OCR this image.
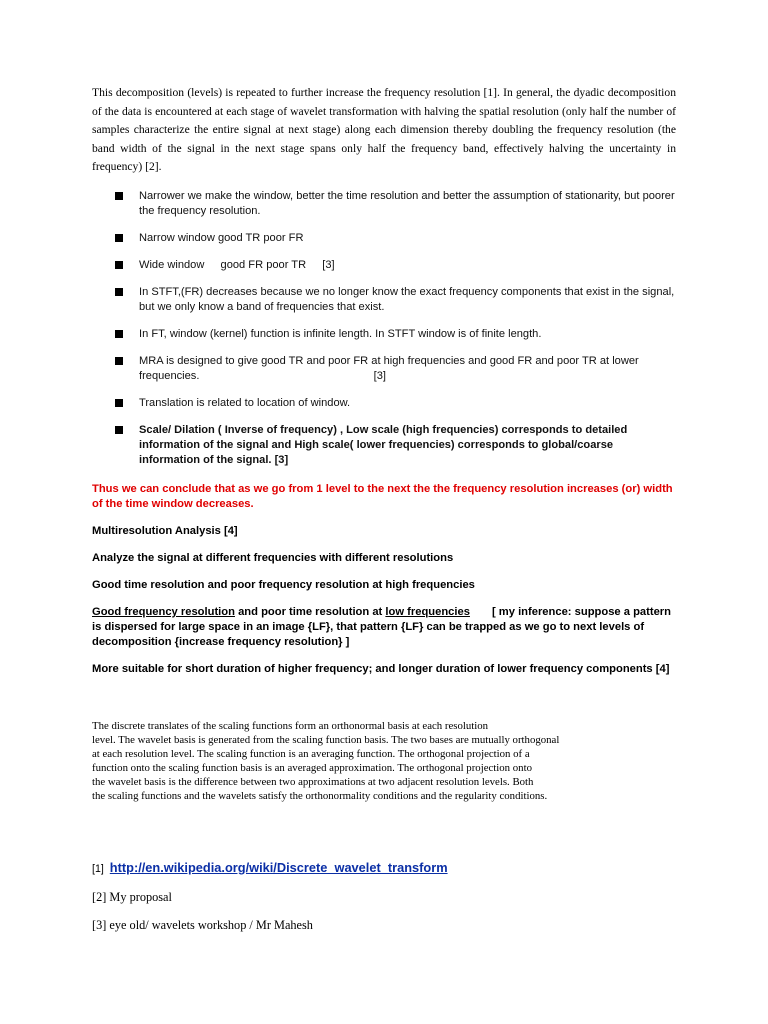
This decomposition (levels) is repeated to further increase the frequency resolution [1]. In general, the dyadic decomposition of the data is encountered at each stage of wavelet transformation with halving the spatial resolution (only half the number of samples characterize the entire signal at next stage) along each dimension thereby doubling the frequency resolution (the band width of the signal in the next stage spans only half the frequency band, effectively halving the uncertainty in frequency) [2].

Narrower we make the window, better the time resolution and better the assumption of stationarity, but poorer the frequency resolution.
Narrow window good TR poor FR
Wide window good FR poor TR [3]
In STFT,(FR) decreases because we no longer know the exact frequency components that exist in the signal, but we only know a band of frequencies that exist.
In FT, window (kernel) function is infinite length. In STFT window is of finite length.
MRA is designed to give good TR and poor FR at high frequencies and good FR and poor TR at lower frequencies.	[3]
Translation is related to location of window.
Scale/ Dilation ( Inverse of frequency) , Low scale (high frequencies) corresponds to detailed information of the signal and High scale( lower frequencies) corresponds to global/coarse information of the signal. [3]

Thus we can conclude that as we go from 1 level to the next the the frequency resolution increases (or) width of the time window decreases.

Multiresolution Analysis [4]

Analyze the signal at different frequencies with different resolutions

Good time resolution and poor frequency resolution at high frequencies

Good frequency resolution and poor time resolution at low frequencies [ my inference: suppose a pattern is dispersed for large space in an image {LF}, that pattern {LF} can be trapped as we go to next levels of decomposition {increase frequency resolution} ]

More suitable for short duration of higher frequency; and longer duration of lower frequency components [4]

The discrete translates of the scaling functions form an orthonormal basis at each resolution
level. The wavelet basis is generated from the scaling function basis. The two bases are mutually orthogonal
at each resolution level. The scaling function is an averaging function. The orthogonal projection of a
function onto the scaling function basis is an averaged approximation. The orthogonal projection onto
the wavelet basis is the difference between two approximations at two adjacent resolution levels. Both
the scaling functions and the wavelets satisfy the orthonormality conditions and the regularity conditions.

[1] http://en.wikipedia.org/wiki/Discrete_wavelet_transform

[2] My proposal

[3] eye old/ wavelets workshop / Mr Mahesh
